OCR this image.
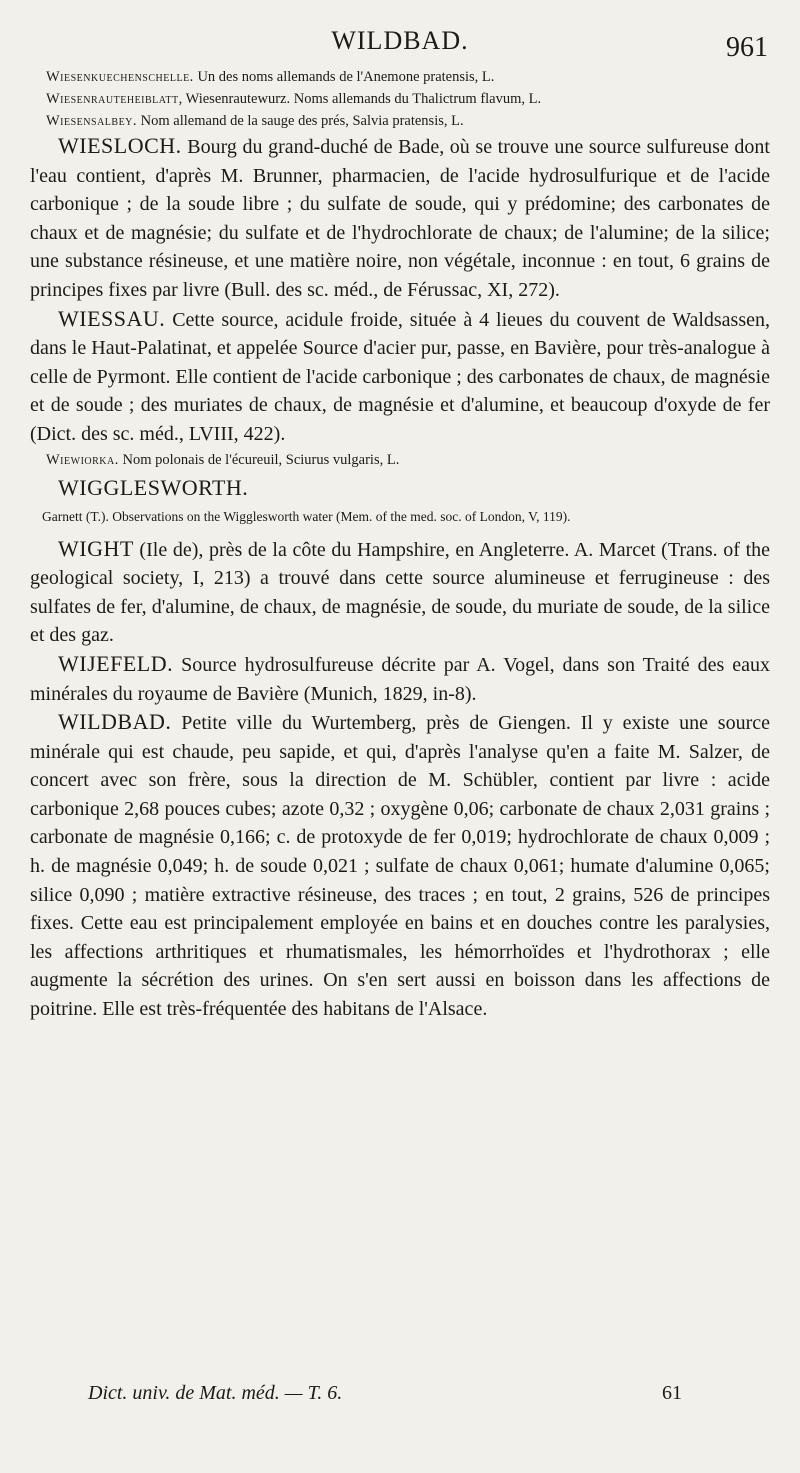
WILDBAD.	961

Wiesenkuechenschelle. Un des noms allemands de l'Anemone pratensis, L.

Wiesenrauteheiblatt, Wiesenrautewurz. Noms allemands du Thalictrum flavum, L.

Wiesensalbey. Nom allemand de la sauge des prés, Salvia pratensis, L.

WIESLOCH. Bourg du grand-duché de Bade, où se trouve une source sulfureuse dont l'eau contient, d'après M. Brunner, pharmacien, de l'acide hydrosulfurique et de l'acide carbonique ; de la soude libre ; du sulfate de soude, qui y prédomine; des carbonates de chaux et de magnésie; du sulfate et de l'hydrochlorate de chaux; de l'alumine; de la silice; une substance résineuse, et une matière noire, non végétale, inconnue : en tout, 6 grains de principes fixes par livre (Bull. des sc. méd., de Férussac, XI, 272).

WIESSAU. Cette source, acidule froide, située à 4 lieues du couvent de Waldsassen, dans le Haut-Palatinat, et appelée Source d'acier pur, passe, en Bavière, pour très-analogue à celle de Pyrmont. Elle contient de l'acide carbonique ; des carbonates de chaux, de magnésie et de soude ; des muriates de chaux, de magnésie et d'alumine, et beaucoup d'oxyde de fer (Dict. des sc. méd., LVIII, 422).

Wiewiorka. Nom polonais de l'écureuil, Sciurus vulgaris, L.

WIGGLESWORTH.

Garnett (T.). Observations on the Wigglesworth water (Mem. of the med. soc. of London, V, 119).

WIGHT (Ile de), près de la côte du Hampshire, en Angleterre. A. Marcet (Trans. of the geological society, I, 213) a trouvé dans cette source alumineuse et ferrugineuse : des sulfates de fer, d'alumine, de chaux, de magnésie, de soude, du muriate de soude, de la silice et des gaz.

WIJEFELD. Source hydrosulfureuse décrite par A. Vogel, dans son Traité des eaux minérales du royaume de Bavière (Munich, 1829, in-8).

WILDBAD. Petite ville du Wurtemberg, près de Giengen. Il y existe une source minérale qui est chaude, peu sapide, et qui, d'après l'analyse qu'en a faite M. Salzer, de concert avec son frère, sous la direction de M. Schübler, contient par livre : acide carbonique 2,68 pouces cubes; azote 0,32 ; oxygène 0,06; carbonate de chaux 2,031 grains ; carbonate de magnésie 0,166; c. de protoxyde de fer 0,019; hydrochlorate de chaux 0,009 ; h. de magnésie 0,049; h. de soude 0,021 ; sulfate de chaux 0,061; humate d'alumine 0,065; silice 0,090 ; matière extractive résineuse, des traces ; en tout, 2 grains, 526 de principes fixes. Cette eau est principalement employée en bains et en douches contre les paralysies, les affections arthritiques et rhumatismales, les hémorrhoïdes et l'hydrothorax ; elle augmente la sécrétion des urines. On s'en sert aussi en boisson dans les affections de poitrine. Elle est très-fréquentée des habitans de l'Alsace.

Dict. univ. de Mat. méd. — T. 6.	61
